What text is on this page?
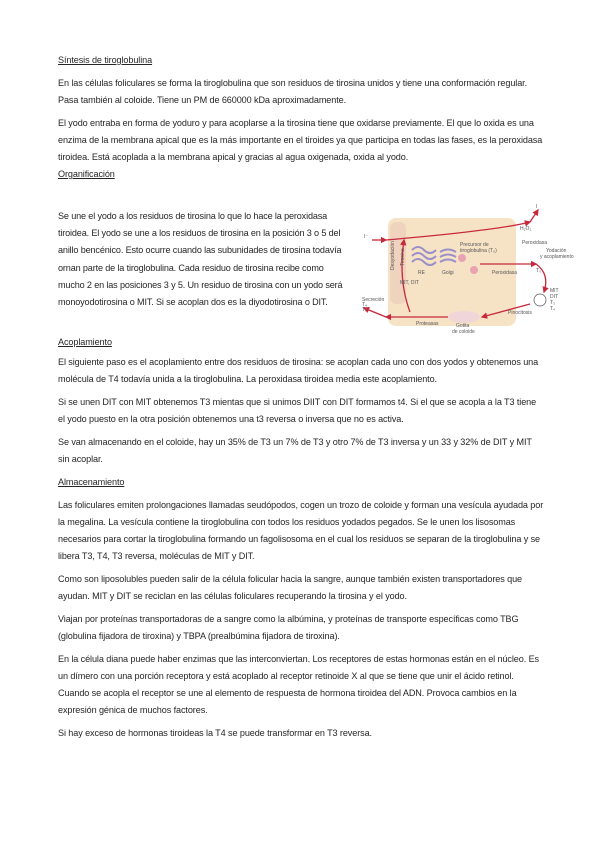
Síntesis de tiroglobulina

En las células foliculares se forma la tiroglobulina que son residuos de tirosina unidos y tiene una conformación regular. Pasa también al coloide. Tiene un PM de 660000 kDa aproximadamente.

El yodo entraba en forma de yoduro y para acoplarse a la tirosina tiene que oxidarse previamente. El que lo oxida es una enzima de la membrana apical que es la más importante en el tiroides ya que participa en todas las fases, es la peroxidasa tiroidea. Está acoplada a la membrana apical y gracias al agua oxigenada, oxida al yodo.

Organificación

Se une el yodo a los residuos de tirosina lo que lo hace la peroxidasa tiroidea. El yodo se une a los residuos de tirosina en la posición 3 o 5 del anillo bencénico. Esto ocurre cuando las subunidades de tirosina todavía ornan parte de la tiroglobulina. Cada residuo de tirosina recibe como mucho 2 en las posiciones 3 y 5. Un residuo de tirosina con un yodo será monoyodotirosina o MIT. Si se acoplan dos es la diyodotirosina o DIT.

I⁻
I
H₂O₂
Peroxidasa
Yodación
y acoplamiento
Precursor de
tiroglobulina (T₀)
RE	Golgi	Peroxidasa	T₀
MIT, DIT
Desyodación Tirosina
Secreción
T₄
T₃
Proteasas	Gotita
de coloide
Pinocitosis
MIT
DIT
T₃
T₄
Acoplamiento

El siguiente paso es el acoplamiento entre dos residuos de tirosina: se acoplan cada uno con dos yodos y obtenemos una molécula de T4 todavía unida a la tiroglobulina. La peroxidasa tiroidea media este acoplamiento.

Si se unen DIT con MIT obtenemos T3 mientas que si unimos DIIT con DIT formamos t4. Si el que se acopla a la T3 tiene el yodo puesto en la otra posición obtenemos una t3 reversa o inversa que no es activa.

Se van almacenando en el coloide, hay un 35% de T3 un 7% de T3 y otro 7% de T3 inversa y un 33 y 32% de DIT y MIT sin acoplar.

Almacenamiento

Las foliculares emiten prolongaciones llamadas seudópodos, cogen un trozo de coloide y forman una vesícula ayudada por la megalina. La vesícula contiene la tiroglobulina con todos los residuos yodados pegados. Se le unen los lisosomas necesarios para cortar la tiroglobulina formando un fagolisosoma en el cual los residuos se separan de la tiroglobulina y se libera T3, T4, T3 reversa, moléculas de MIT y DIT.

Como son liposolubles pueden salir de la célula folicular hacia la sangre, aunque también existen transportadores que ayudan. MIT y DIT se reciclan en las células foliculares recuperando la tirosina y el yodo.

Viajan por proteínas transportadoras de a sangre como la albúmina, y proteínas de transporte específicas como TBG (globulina fijadora de tiroxina) y TBPA (prealbúmina fijadora de tiroxina).

En la célula diana puede haber enzimas que las interconviertan. Los receptores de estas hormonas están en el núcleo. Es un dímero con una porción receptora y está acoplado al receptor retinoide X al que se tiene que unir el ácido retinol. Cuando se acopla el receptor se une al elemento de respuesta de hormona tiroidea del ADN. Provoca cambios en la expresión génica de muchos factores.

Si hay exceso de hormonas tiroideas la T4 se puede transformar en T3 reversa.
